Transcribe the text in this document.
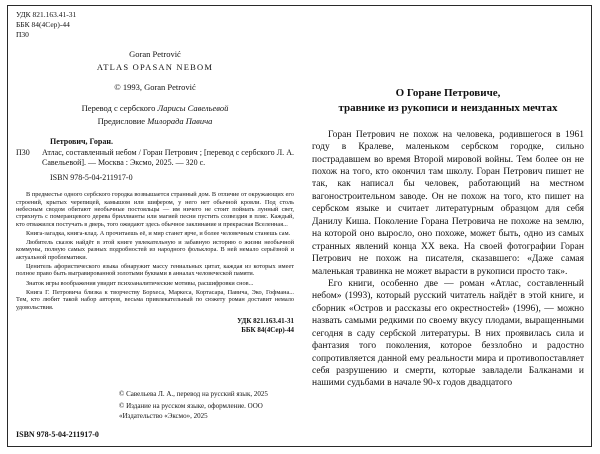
УДК 821.163.41-31
ББК 84(4Сер)-44
П30
Goran Petrović
ATLAS OPASAN NEBOM
© 1993, Goran Petrović
Перевод с сербского Ларисы Савельевой
Предисловие Милорада Павича
Петрович, Горан.
П30	Атлас, составленный небом / Горан Петрович ; [перевод с сербского Л. А. Савельевой]. — Москва : Эксмо, 2025. — 320 с.
ISBN 978-5-04-211917-0

В предместье одного сербского городка возвышается странный дом. В отличие от окружающих его строений, крытых черепицей, камышом или шифером, у него нет обычной кровли. Под столь небесным сводом обитают необычные постояльцы — им ничего не стоит поймать лунный свет, стряхнуть с померанцевого дерева бриллианты или магией песни пустить созвездия в пляс. Каждый, кто отважился постучать в дверь, того ожидают здесь обычное заклинание и прекрасная Вселенная...

Книга-загадка, книга-клад. А прочитаешь её, и мир станет ярче, и более человечным станешь сам.

Любитель сказок найдёт в этой книге увлекательную и забавную историю о жизни необычной коммуны, полную самых разных подробностей из народного фольклора. В ней немало серьёзной и актуальной проблематики.

Ценитель афористического языка обнаружит массу гениальных цитат, каждая из которых имеет полное право быть выгравированной золотыми буквами в анналах человеческой памяти.

Знаток игры воображения увидит психоаналитические мотивы, расшифровки снов...

Книга Г. Петровича близка к творчеству Борхеса, Маркеса, Кортасара, Павича, Эко, Гофмана... Тем, кто любит такой набор авторов, весьма привлекательный по сюжету роман доставит немало удовольствия.

УДК 821.163.41-31
ББК 84(4Сер)-44
© Савельева Л. А., перевод на русский язык, 2025
© Издание на русском языке, оформление. ООО «Издательство «Эксмо», 2025
ISBN 978-5-04-211917-0
О Горане Петровиче,
травнике из рукописи и неизданных мечтах

Горан Петрович не похож на человека, родившегося в 1961 году в Кралеве, маленьком сербском городке, сильно пострадавшем во время Второй мировой войны. Тем более он не похож на того, кто окончил там школу. Горан Петрович пишет не так, как написал бы человек, работающий на местном вагоностроительном заводе. Он не похож на того, кто пишет на сербском языке и считает литературным образцом для себя Данилу Киша. Поколение Горана Петровича не похоже на землю, на которой оно выросло, оно похоже, может быть, одно из самых странных явлений конца XX века. На своей фотографии Горан Петрович не похож на писателя, сказавшего: «Даже самая маленькая травинка не может вырасти в рукописи просто так».

Его книги, особенно две — роман «Атлас, составленный небом» (1993), который русский читатель найдёт в этой книге, и сборник «Остров и рассказы его окрестностей» (1996), — можно назвать самыми редкими по своему вкусу плодами, выращенными сегодня в саду сербской литературы. В них проявилась сила и фантазия того поколения, которое беззлобно и радостно сопротивляется данной ему реальности мира и противопоставляет себя разрушению и смерти, которые завладели Балканами и нашими судьбами в начале 90-х годов двадцатого
